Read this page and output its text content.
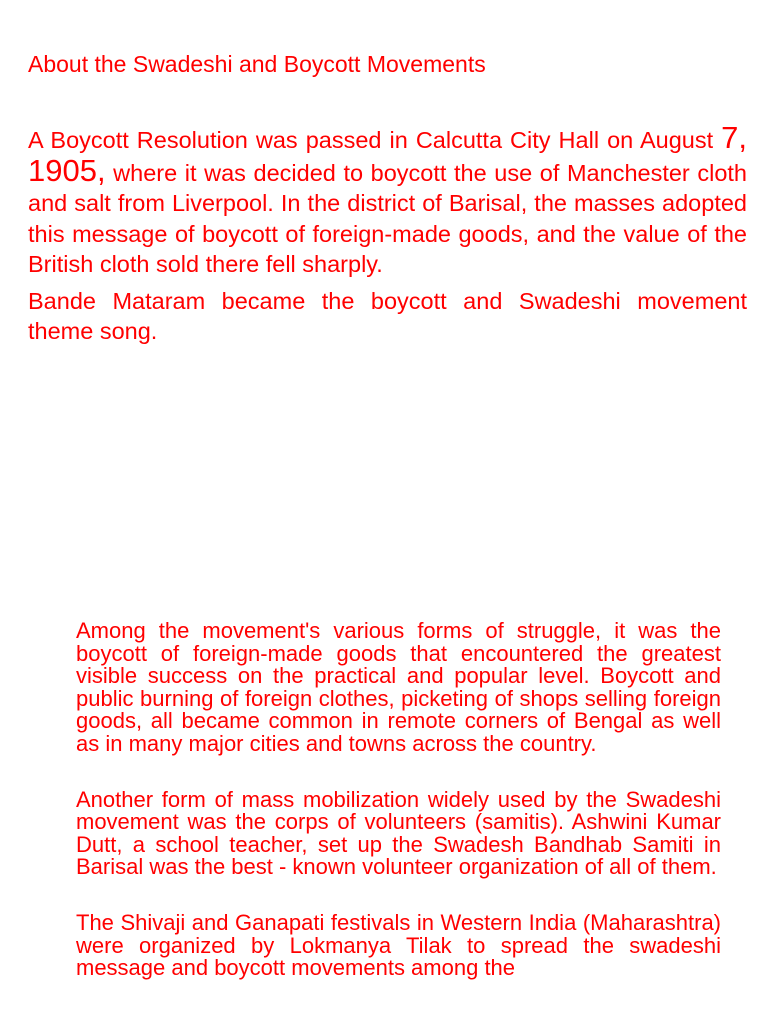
About the Swadeshi and Boycott Movements

A Boycott Resolution was passed in Calcutta City Hall on August 7, 1905, where it was decided to boycott the use of Manchester cloth and salt from Liverpool. In the district of Barisal, the masses adopted this message of boycott of foreign-made goods, and the value of the British cloth sold there fell sharply.

Bande Mataram became the boycott and Swadeshi movement theme song.

Among the movement's various forms of struggle, it was the boycott of foreign-made goods that encountered the greatest visible success on the practical and popular level. Boycott and public burning of foreign clothes, picketing of shops selling foreign goods, all became common in remote corners of Bengal as well as in many major cities and towns across the country.

Another form of mass mobilization widely used by the Swadeshi movement was the corps of volunteers (samitis). Ashwini Kumar Dutt, a school teacher, set up the Swadesh Bandhab Samiti in Barisal was the best - known volunteer organization of all of them.

The Shivaji and Ganapati festivals in Western India (Maharashtra) were organized by Lokmanya Tilak to spread the swadeshi message and boycott movements among the
